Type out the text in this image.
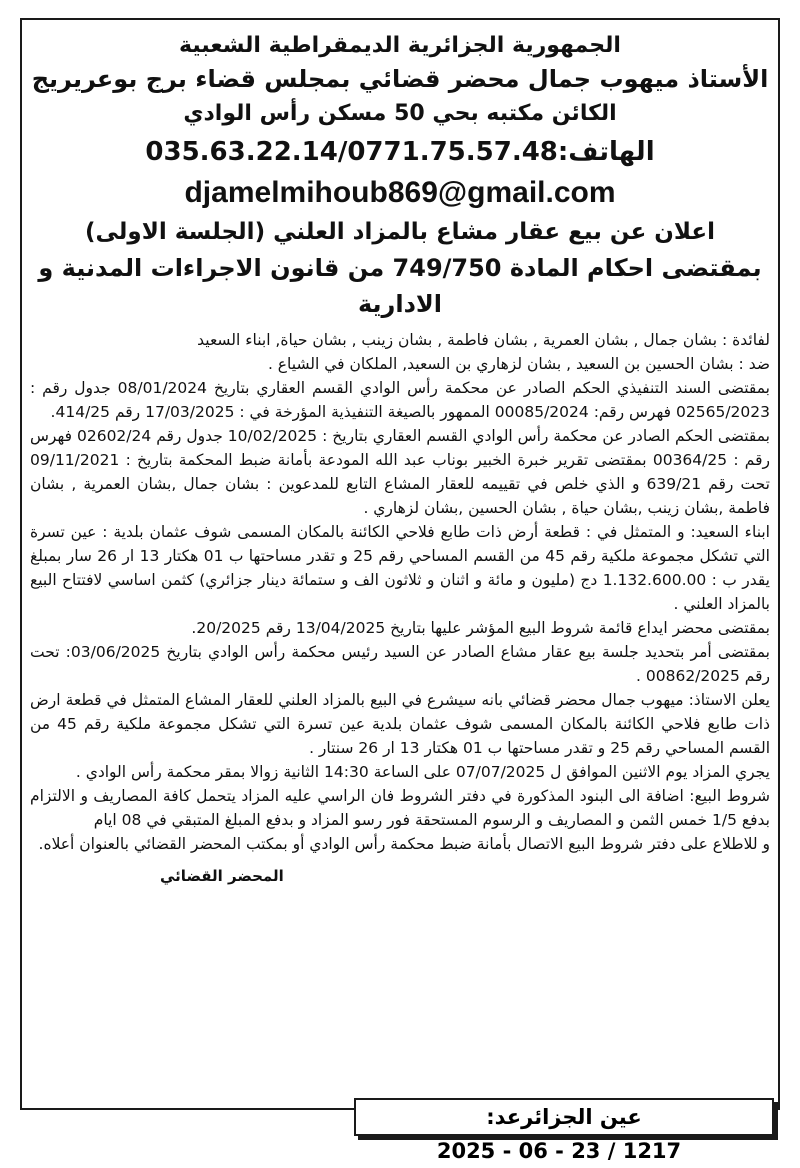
الجمهورية الجزائرية الديمقراطية الشعبية
الأستاذ ميهوب جمال محضر قضائي بمجلس قضاء برج بوعريريج
الكائن مكتبه بحي 50 مسكن رأس الوادي
الهاتف:035.63.22.14/0771.75.57.48
djamelmihoub869@gmail.com
اعلان عن بيع عقار مشاع بالمزاد العلني (الجلسة الاولى)
بمقتضى احكام المادة 749/750 من قانون الاجراءات المدنية و الادارية

لفائدة : بشان جمال , بشان العمرية , بشان فاطمة , بشان زينب , بشان حياة, ابناء السعيد

ضد : بشان الحسين بن السعيد , بشان لزهاري بن السعيد, الملكان في الشياع .

بمقتضى السند التنفيذي الحكم الصادر عن محكمة رأس الوادي القسم العقاري بتاريخ 08/01/2024 جدول رقم : 02565/2023 فهرس رقم: 00085/2024 الممهور بالصيغة التنفيذية المؤرخة في : 17/03/2025 رقم 414/25.

بمقتضى الحكم الصادر عن محكمة رأس الوادي القسم العقاري بتاريخ : 10/02/2025 جدول رقم 02602/24 فهرس رقم : 00364/25 بمقتضى تقرير خبرة الخبير بوناب عبد الله المودعة بأمانة ضبط المحكمة بتاريخ : 09/11/2021 تحت رقم 639/21 و الذي خلص في تقييمه للعقار المشاع التابع للمدعوين : بشان جمال ,بشان العمرية , بشان فاطمة ,بشان زينب ,بشان حياة , بشان الحسين ,بشان لزهاري .

ابناء السعيد: و المتمثل في : قطعة أرض ذات طابع فلاحي الكائنة بالمكان المسمى شوف عثمان بلدية : عين تسرة التي تشكل مجموعة ملكية رقم 45 من القسم المساحي رقم 25 و تقدر مساحتها ب 01 هكتار 13 ار 26 سار بمبلغ يقدر ب : 1.132.600.00 دج (مليون و مائة و اثنان و ثلاثون الف و ستمائة دينار جزائري) كثمن اساسي لافتتاح البيع بالمزاد العلني .

بمقتضى محضر ايداع قائمة شروط البيع المؤشر عليها بتاريخ 13/04/2025 رقم 20/2025.

بمقتضى أمر بتحديد جلسة بيع عقار مشاع الصادر عن السيد رئيس محكمة رأس الوادي بتاريخ 03/06/2025: تحت رقم 00862/2025 .

يعلن الاستاذ: ميهوب جمال محضر قضائي بانه سيشرع في البيع بالمزاد العلني للعقار المشاع المتمثل في قطعة ارض ذات طابع فلاحي الكائنة بالمكان المسمى شوف عثمان بلدية عين تسرة التي تشكل مجموعة ملكية رقم 45 من القسم المساحي رقم 25 و تقدر مساحتها ب 01 هكتار 13 ار 26 سنتار .

يجري المزاد يوم الاثنين الموافق ل 07/07/2025 على الساعة 14:30 الثانية زوالا بمقر محكمة رأس الوادي .

شروط البيع: اضافة الى البنود المذكورة في دفتر الشروط فان الراسي عليه المزاد يتحمل كافة المصاريف و الالتزام بدفع 1/5 خمس الثمن و المصاريف و الرسوم المستحقة فور رسو المزاد و بدفع المبلغ المتبقي في 08 ايام

و للاطلاع على دفتر شروط البيع الاتصال بأمانة ضبط محكمة رأس الوادي أو بمكتب المحضر القضائي بالعنوان أعلاه.

المحضر القضائي
عين الجزائرعد: 2025 - 06 - 23 / 1217
